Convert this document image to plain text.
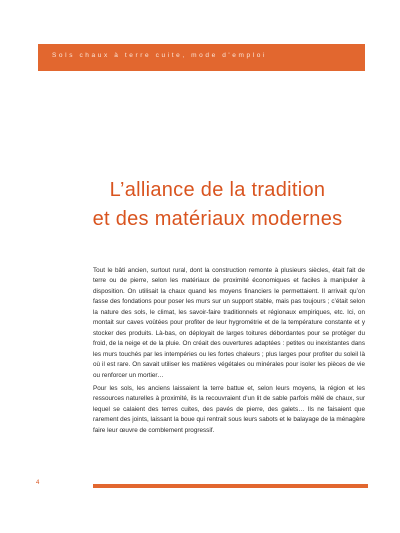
Sols chaux à terre cuite, mode d'emploi
L’alliance de la tradition
et des matériaux modernes

Tout le bâti ancien, surtout rural, dont la construction remonte à plusieurs siècles, était fait de terre ou de pierre, selon les matériaux de proximité économiques et faciles à manipuler à disposition. On utilisait la chaux quand les moyens financiers le permettaient. Il arrivait qu’on fasse des fondations pour poser les murs sur un support stable, mais pas toujours ; c’était selon la nature des sols, le climat, les savoir-faire traditionnels et régionaux empiriques, etc. Ici, on montait sur caves voûtées pour profiter de leur hygrométrie et de la température constante et y stocker des produits. Là-bas, on déployait de larges toitures débordantes pour se protéger du froid, de la neige et de la pluie. On créait des ouvertures adaptées : petites ou inexistantes dans les murs touchés par les intempéries ou les fortes chaleurs ; plus larges pour profiter du soleil là où il est rare. On savait utiliser les matières végétales ou minérales pour isoler les pièces de vie ou renforcer un mortier…

Pour les sols, les anciens laissaient la terre battue et, selon leurs moyens, la région et les ressources naturelles à proximité, ils la recouvraient d’un lit de sable parfois mêlé de chaux, sur lequel se calaient des terres cuites, des pavés de pierre, des galets… Ils ne faisaient que rarement des joints, laissant la boue qui rentrait sous leurs sabots et le balayage de la ménagère faire leur œuvre de comblement progressif.

4
